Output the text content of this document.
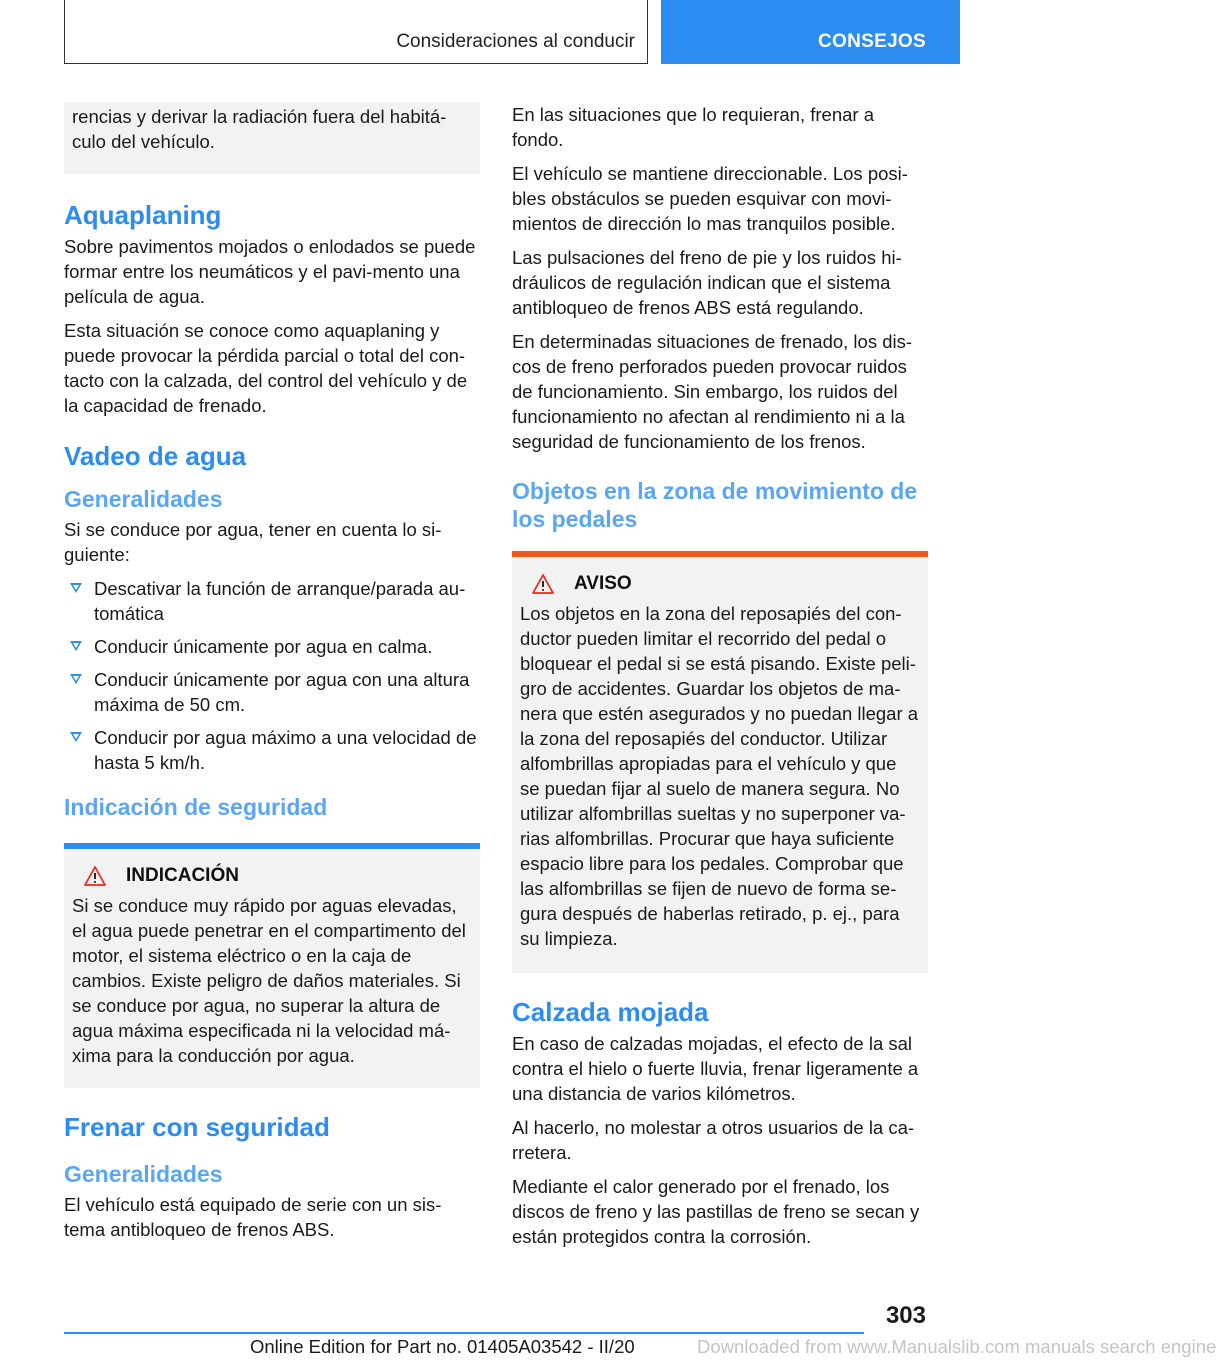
Consideraciones al conducir	CONSEJOS

rencias y derivar la radiación fuera del habitá-
culo del vehículo.

Aquaplaning

Sobre pavimentos mojados o enlodados se puede formar entre los neumáticos y el pavi-mento una película de agua.

Esta situación se conoce como aquaplaning y puede provocar la pérdida parcial o total del con-tacto con la calzada, del control del vehículo y de la capacidad de frenado.

Vadeo de agua
Generalidades

Si se conduce por agua, tener en cuenta lo si-guiente:

Descativar la función de arranque/parada au-tomática
Conducir únicamente por agua en calma.
Conducir únicamente por agua con una altura máxima de 50 cm.
Conducir por agua máximo a una velocidad de hasta 5 km/h.
Indicación de seguridad
INDICACIÓN

Si se conduce muy rápido por aguas elevadas, el agua puede penetrar en el compartimento del motor, el sistema eléctrico o en la caja de cambios. Existe peligro de daños materiales. Si se conduce por agua, no superar la altura de agua máxima especificada ni la velocidad má-xima para la conducción por agua.

Frenar con seguridad
Generalidades

El vehículo está equipado de serie con un sis-tema antibloqueo de frenos ABS.

En las situaciones que lo requieran, frenar a fondo.

El vehículo se mantiene direccionable. Los posi-bles obstáculos se pueden esquivar con movi-mientos de dirección lo mas tranquilos posible.

Las pulsaciones del freno de pie y los ruidos hi-dráulicos de regulación indican que el sistema antibloqueo de frenos ABS está regulando.

En determinadas situaciones de frenado, los dis-cos de freno perforados pueden provocar ruidos de funcionamiento. Sin embargo, los ruidos del funcionamiento no afectan al rendimiento ni a la seguridad de funcionamiento de los frenos.

Objetos en la zona de movimiento de los pedales
AVISO

Los objetos en la zona del reposapiés del con-ductor pueden limitar el recorrido del pedal o bloquear el pedal si se está pisando. Existe peli-gro de accidentes. Guardar los objetos de ma-nera que estén asegurados y no puedan llegar a la zona del reposapiés del conductor. Utilizar alfombrillas apropiadas para el vehículo y que se puedan fijar al suelo de manera segura. No utilizar alfombrillas sueltas y no superponer va-rias alfombrillas. Procurar que haya suficiente espacio libre para los pedales. Comprobar que las alfombrillas se fijen de nuevo de forma se-gura después de haberlas retirado, p. ej., para su limpieza.

Calzada mojada

En caso de calzadas mojadas, el efecto de la sal contra el hielo o fuerte lluvia, frenar ligeramente a una distancia de varios kilómetros.

Al hacerlo, no molestar a otros usuarios de la ca-rretera.

Mediante el calor generado por el frenado, los discos de freno y las pastillas de freno se secan y están protegidos contra la corrosión.

303
Online Edition for Part no. 01405A03542 - II/20	Downloaded from www.Manualslib.com manuals search engine
